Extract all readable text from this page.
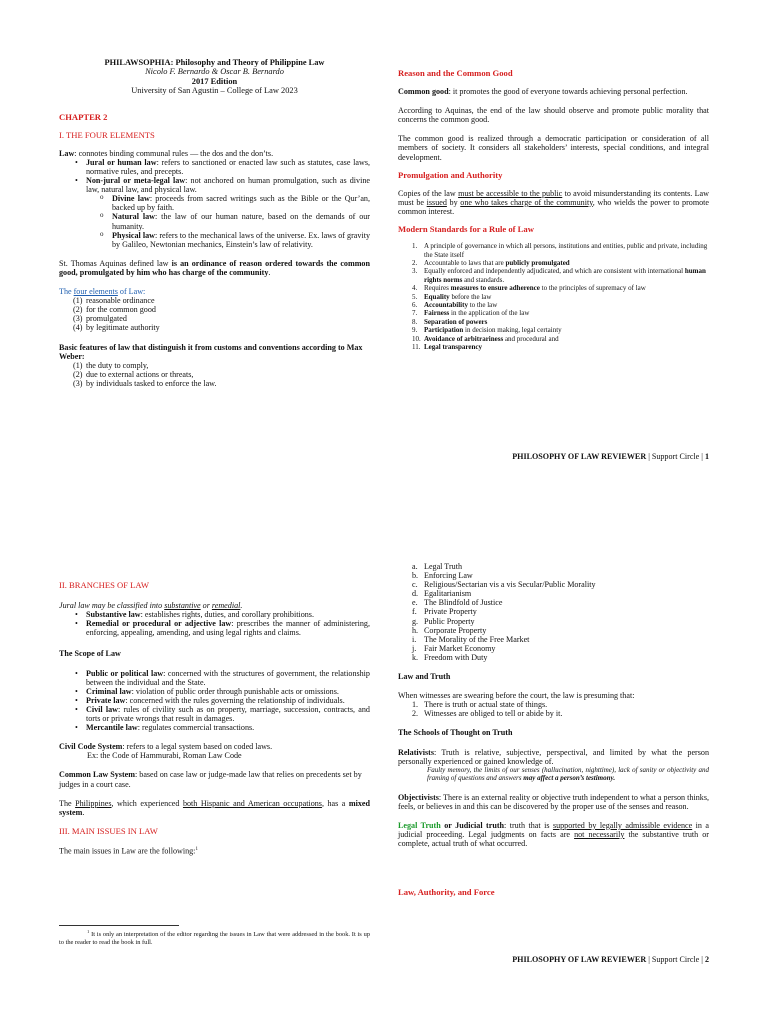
PHILAWSOPHIA: Philosophy and Theory of Philippine Law

Nicolo F. Bernardo & Oscar B. Bernardo

2017 Edition

University of San Agustin – College of Law 2023

CHAPTER 2

I. THE FOUR ELEMENTS

Law: connotes binding communal rules — the dos and the don’ts.

• Jural or human law: refers to sanctioned or enacted law such as statutes, case laws, normative rules, and precepts.
• Non-jural or meta-legal law: not anchored on human promulgation, such as divine law, natural law, and physical law.
o Divine law: proceeds from sacred writings such as the Bible or the Qur’an, backed up by faith.
o Natural law: the law of our human nature, based on the demands of our humanity.
o Physical law: refers to the mechanical laws of the universe. Ex. laws of gravity by Galileo, Newtonian mechanics, Einstein’s law of relativity.

St. Thomas Aquinas defined law is an ordinance of reason ordered towards the common good, promulgated by him who has charge of the community.

The four elements of Law:

(1) reasonable ordinance
(2) for the common good
(3) promulgated
(4) by legitimate authority

Basic features of law that distinguish it from customs and conventions according to Max Weber:

(1) the duty to comply,
(2) due to external actions or threats,
(3) by individuals tasked to enforce the law.

Reason and the Common Good

Common good: it promotes the good of everyone towards achieving personal perfection.

According to Aquinas, the end of the law should observe and promote public morality that concerns the common good.

The common good is realized through a democratic participation or consideration of all members of society. It considers all stakeholders’ interests, special conditions, and integral development.

Promulgation and Authority

Copies of the law must be accessible to the public to avoid misunderstanding its contents. Law must be issued by one who takes charge of the community, who wields the power to promote common interest.

Modern Standards for a Rule of Law

1. A principle of governance in which all persons, institutions and entities, public and private, including the State itself
2. Accountable to laws that are publicly promulgated
3. Equally enforced and independently adjudicated, and which are consistent with international human rights norms and standards.
4. Requires measures to ensure adherence to the principles of supremacy of law
5. Equality before the law
6. Accountability to the law
7. Fairness in the application of the law
8. Separation of powers
9. Participation in decision making, legal certainty
10. Avoidance of arbitrariness and procedural and
11. Legal transparency
PHILOSOPHY OF LAW REVIEWER | Support Circle | 1

II. BRANCHES OF LAW

Jural law may be classified into substantive or remedial.

• Substantive law: establishes rights, duties, and corollary prohibitions.
• Remedial or procedural or adjective law: prescribes the manner of administering, enforcing, appealing, amending, and using legal rights and claims.

The Scope of Law

• Public or political law: concerned with the structures of government, the relationship between the individual and the State.
• Criminal law: violation of public order through punishable acts or omissions.
• Private law: concerned with the rules governing the relationship of individuals.
• Civil law: rules of civility such as on property, marriage, succession, contracts, and torts or private wrongs that result in damages.
• Mercantile law: regulates commercial transactions.

Civil Code System: refers to a legal system based on coded laws.

Ex: the Code of Hammurabi, Roman Law Code

Common Law System: based on case law or judge-made law that relies on precedents set by judges in a court case.

The Philippines, which experienced both Hispanic and American occupations, has a mixed system.

III. MAIN ISSUES IN LAW

The main issues in Law are the following:$^1$

$^1$ It is only an interpretation of the editor regarding the issues in Law that were addressed in the book. It is up to the reader to read the book in full.

a. Legal Truth
b. Enforcing Law
c. Religious/Sectarian vis a vis Secular/Public Morality
d. Egalitarianism
e. The Blindfold of Justice
f. Private Property
g. Public Property
h. Corporate Property
i. The Morality of the Free Market
j. Fair Market Economy
k. Freedom with Duty

Law and Truth

When witnesses are swearing before the court, the law is presuming that:

1. There is truth or actual state of things.
2. Witnesses are obliged to tell or abide by it.

The Schools of Thought on Truth

Relativists: Truth is relative, subjective, perspectival, and limited by what the person personally experienced or gained knowledge of.

Faulty memory, the limits of our senses (hallucination, nighttime), lack of sanity or objectivity and framing of questions and answers may affect a person’s testimony.

Objectivists: There is an external reality or objective truth independent to what a person thinks, feels, or believes in and this can be discovered by the proper use of the senses and reason.

Legal Truth or Judicial truth: truth that is supported by legally admissible evidence in a judicial proceeding. Legal judgments on facts are not necessarily the substantive truth or complete, actual truth of what occurred.

Law, Authority, and Force

PHILOSOPHY OF LAW REVIEWER | Support Circle | 2
